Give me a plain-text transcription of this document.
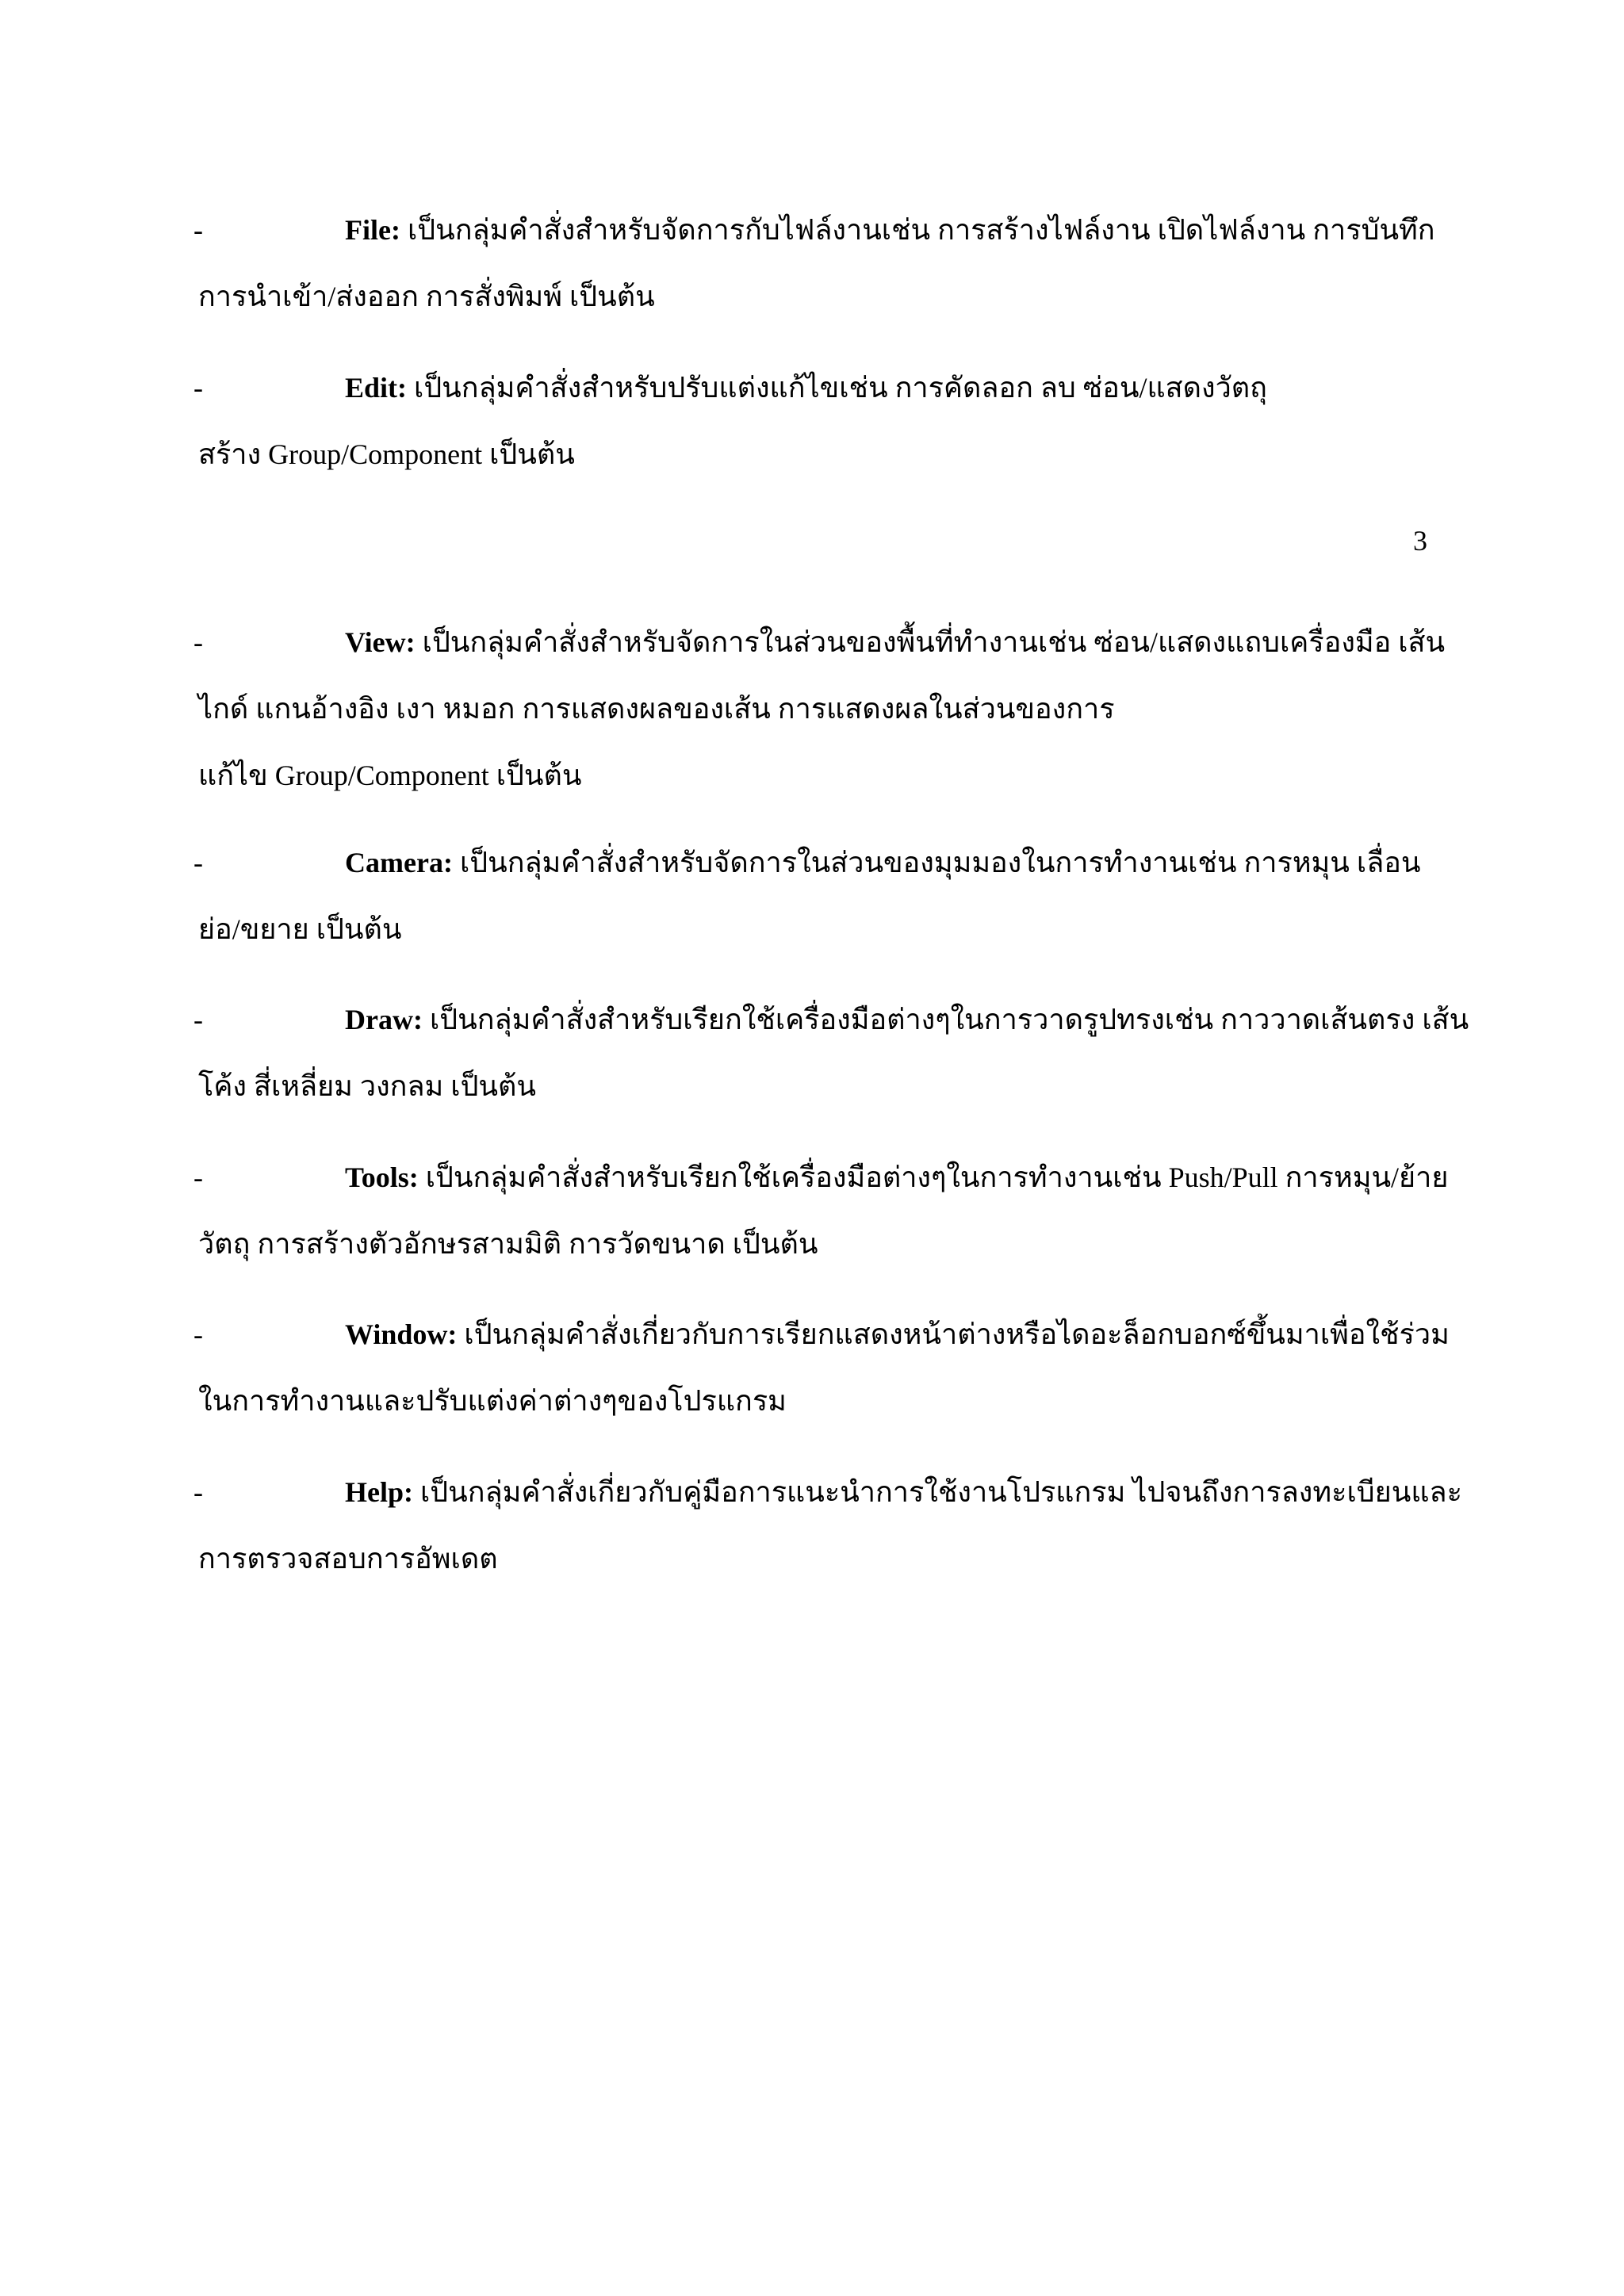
-	File: เป็นกลุ่มคำสั่งสำหรับจัดการกับไฟล์งานเช่น การสร้างไฟล์งาน เปิดไฟล์งาน การบันทึก
การนำเข้า/ส่งออก การสั่งพิมพ์ เป็นต้น
-	Edit: เป็นกลุ่มคำสั่งสำหรับปรับแต่งแก้ไขเช่น การคัดลอก ลบ ซ่อน/แสดงวัตถุ
สร้าง Group/Component เป็นต้น
3
-	View: เป็นกลุ่มคำสั่งสำหรับจัดการในส่วนของพื้นที่ทำงานเช่น ซ่อน/แสดงแถบเครื่องมือ เส้น
ไกด์ แกนอ้างอิง เงา หมอก การแสดงผลของเส้น การแสดงผลในส่วนของการ
แก้ไข Group/Component เป็นต้น
-	Camera: เป็นกลุ่มคำสั่งสำหรับจัดการในส่วนของมุมมองในการทำงานเช่น การหมุน เลื่อน
ย่อ/ขยาย เป็นต้น
-	Draw: เป็นกลุ่มคำสั่งสำหรับเรียกใช้เครื่องมือต่างๆในการวาดรูปทรงเช่น กาววาดเส้นตรง เส้น
โค้ง สี่เหลี่ยม วงกลม เป็นต้น
-	Tools: เป็นกลุ่มคำสั่งสำหรับเรียกใช้เครื่องมือต่างๆในการทำงานเช่น Push/Pull การหมุน/ย้าย
วัตถุ การสร้างตัวอักษรสามมิติ การวัดขนาด เป็นต้น
-	Window: เป็นกลุ่มคำสั่งเกี่ยวกับการเรียกแสดงหน้าต่างหรือไดอะล็อกบอกซ์ขึ้นมาเพื่อใช้ร่วม
ในการทำงานและปรับแต่งค่าต่างๆของโปรแกรม
-	Help: เป็นกลุ่มคำสั่งเกี่ยวกับคู่มือการแนะนำการใช้งานโปรแกรม ไปจนถึงการลงทะเบียนและ
การตรวจสอบการอัพเดต
